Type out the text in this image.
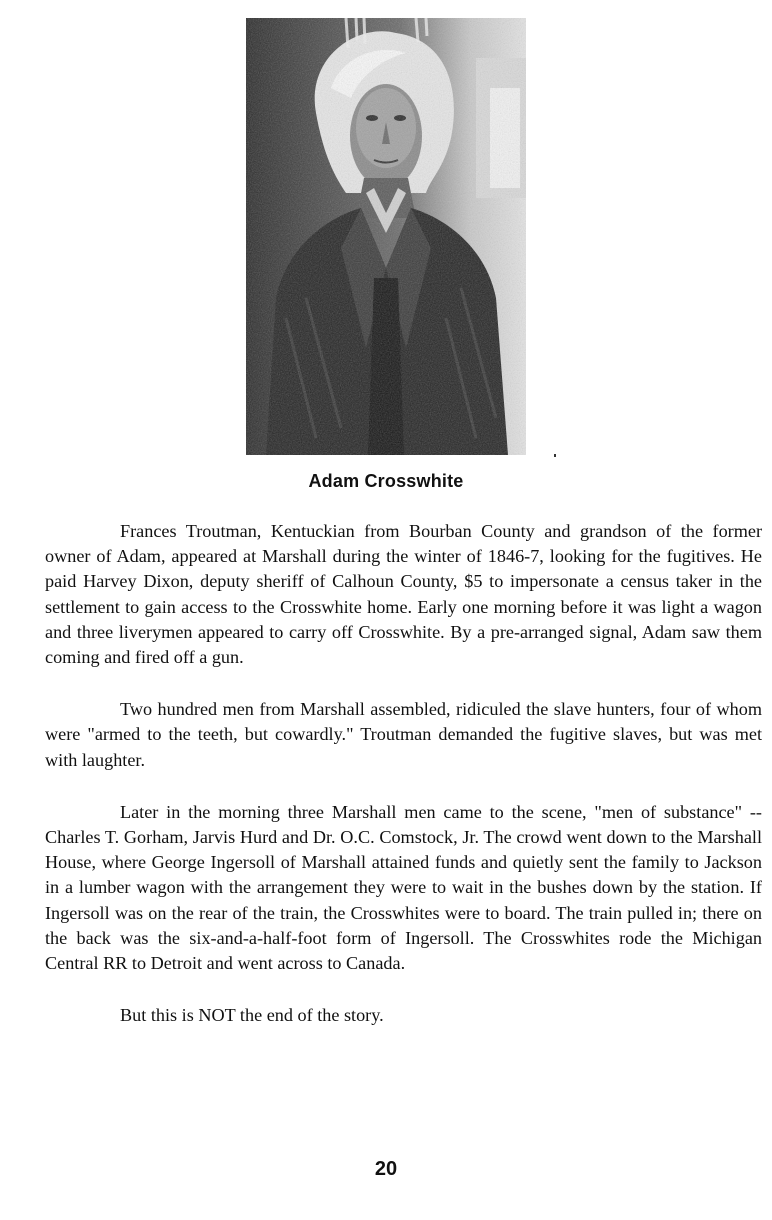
Adam Crosswhite

Frances Troutman, Kentuckian from Bourban County and grandson of the former owner of Adam, appeared at Marshall during the winter of 1846-7, looking for the fugitives. He paid Harvey Dixon, deputy sheriff of Calhoun County, $5 to impersonate a census taker in the settlement to gain access to the Crosswhite home. Early one morning before it was light a wagon and three liverymen appeared to carry off Crosswhite. By a pre-arranged signal, Adam saw them coming and fired off a gun.

Two hundred men from Marshall assembled, ridiculed the slave hunters, four of whom were "armed to the teeth, but cowardly." Troutman demanded the fugitive slaves, but was met with laughter.

Later in the morning three Marshall men came to the scene, "men of substance" -- Charles T. Gorham, Jarvis Hurd and Dr. O.C. Comstock, Jr. The crowd went down to the Marshall House, where George Ingersoll of Marshall attained funds and quietly sent the family to Jackson in a lumber wagon with the arrangement they were to wait in the bushes down by the station. If Ingersoll was on the rear of the train, the Crosswhites were to board. The train pulled in; there on the back was the six-and-a-half-foot form of Ingersoll. The Crosswhites rode the Michigan Central RR to Detroit and went across to Canada.

But this is NOT the end of the story.

20
